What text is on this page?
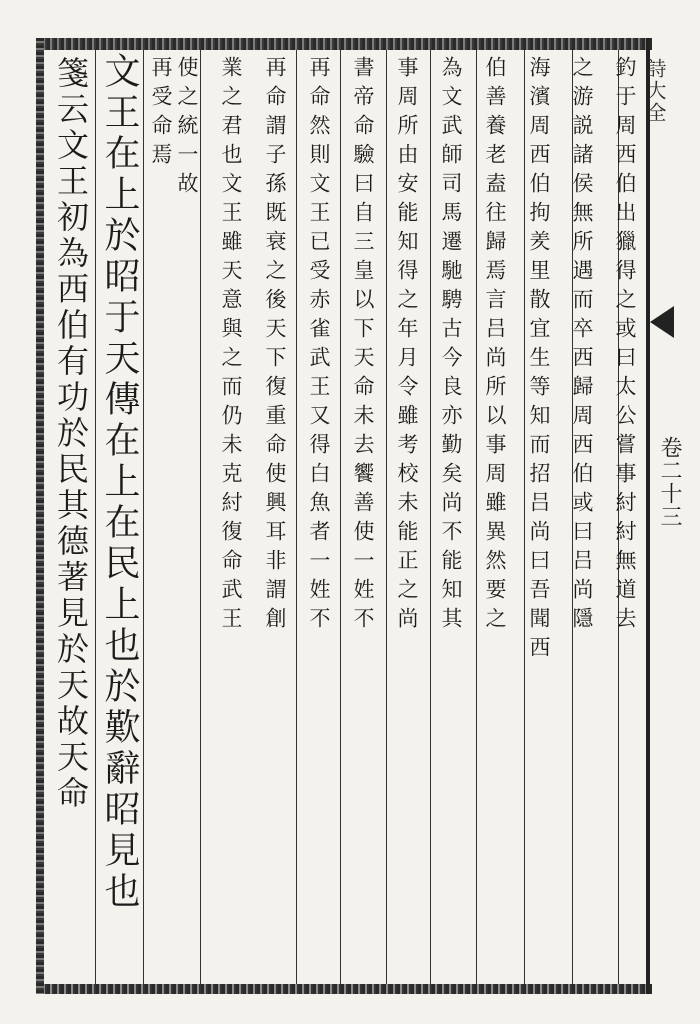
詩大全
卷二十三
釣于周西伯出獵得之或曰太公嘗事紂紂無道去
之游説諸侯無所遇而卒西歸周西伯或曰吕尚隱
海濱周西伯拘羑里散宜生等知而招吕尚曰吾聞西
伯善養老盍往歸焉言吕尚所以事周雖異然要之
為文武師司馬遷馳騁古今良亦勤矣尚不能知其
事周所由安能知得之年月令雖考校未能正之尚
書帝命驗曰自三皇以下天命未去饗善使一姓不
再命然則文王已受赤雀武王又得白魚者一姓不
再命謂子孫既衰之後天下復重命使興耳非謂創
業之君也文王雖天意與之而仍未克紂復命武王
使之統一故
再受命焉
文王在上於昭于天傳在上在民上也於歎辭昭見也
箋云文王初為西伯有功於民其德著見於天故天命
